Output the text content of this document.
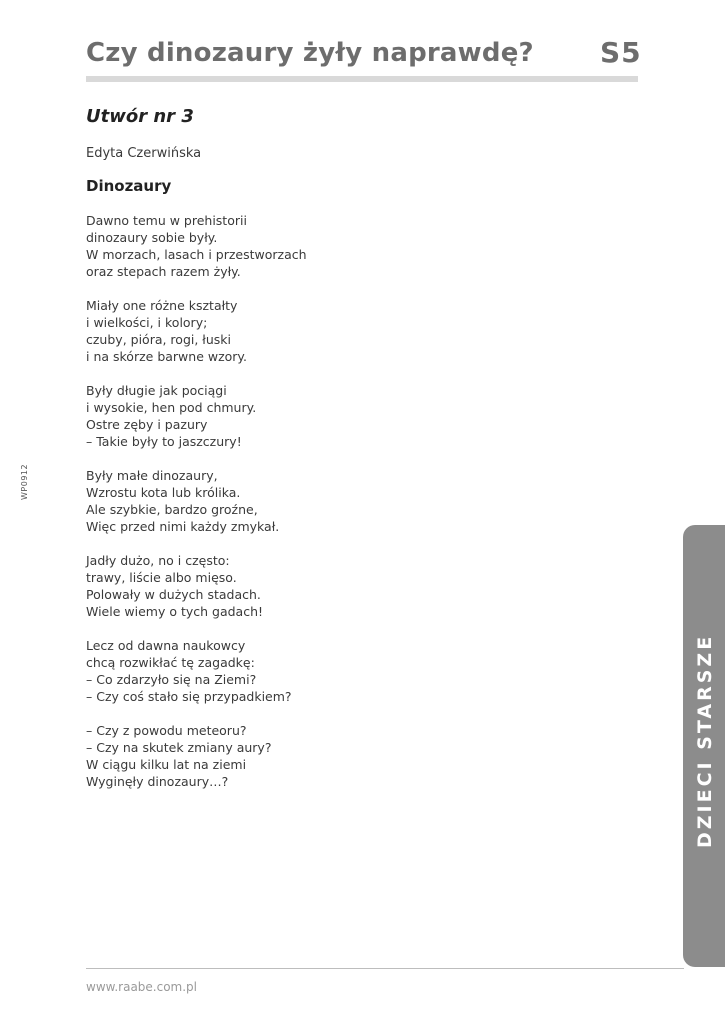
Czy dinozaury żyły naprawdę? S5
Utwór nr 3
Edyta Czerwińska
Dinozaury
Dawno temu w prehistorii
dinozaury sobie były.
W morzach, lasach i przestworzach
oraz stepach razem żyły.
Miały one różne kształty
i wielkości, i kolory;
czuby, pióra, rogi, łuski
i na skórze barwne wzory.
Były długie jak pociągi
i wysokie, hen pod chmury.
Ostre zęby i pazury
– Takie były to jaszczury!
Były małe dinozaury,
Wzrostu kota lub królika.
Ale szybkie, bardzo groźne,
Więc przed nimi każdy zmykał.
Jadły dużo, no i często:
trawy, liście albo mięso.
Polowały w dużych stadach.
Wiele wiemy o tych gadach!
Lecz od dawna naukowcy
chcą rozwikłać tę zagadkę:
– Co zdarzyło się na Ziemi?
– Czy coś stało się przypadkiem?
– Czy z powodu meteoru?
– Czy na skutek zmiany aury?
W ciągu kilku lat na ziemi
Wyginęły dinozaury…?
WP0912
DZIECI STARSZE
www.raabe.com.pl
